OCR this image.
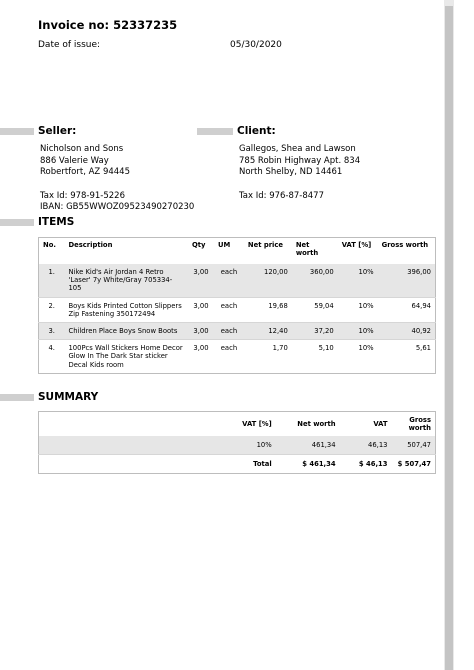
Invoice no: 52337235
Date of issue:	05/30/2020
Seller:	Client:
Nicholson and Sons
886 Valerie Way
Robertfort, AZ 94445
Tax Id: 978-91-5226
IBAN: GB55WWOZ09523490270230
Gallegos, Shea and Lawson
785 Robin Highway Apt. 834
North Shelby, ND 14461
Tax Id: 976-87-8477
ITEMS
No.	Description	Qty	UM	Net price	Net worth	VAT [%]	Gross worth
1.	Nike Kid's Air Jordan 4 Retro 'Laser' 7y White/Gray 705334-105	3,00	each	120,00	360,00	10%	396,00
2.	Boys Kids Printed Cotton Slippers Zip Fastening 350172494	3,00	each	19,68	59,04	10%	64,94
3.	Children Place Boys Snow Boots	3,00	each	12,40	37,20	10%	40,92
4.	100Pcs Wall Stickers Home Decor Glow In The Dark Star sticker Decal Kids room	3,00	each	1,70	5,10	10%	5,61
SUMMARY
	VAT [%]	Net worth	VAT	Gross worth
	10%	461,34	46,13	507,47
	Total	$ 461,34	$ 46,13	$ 507,47
